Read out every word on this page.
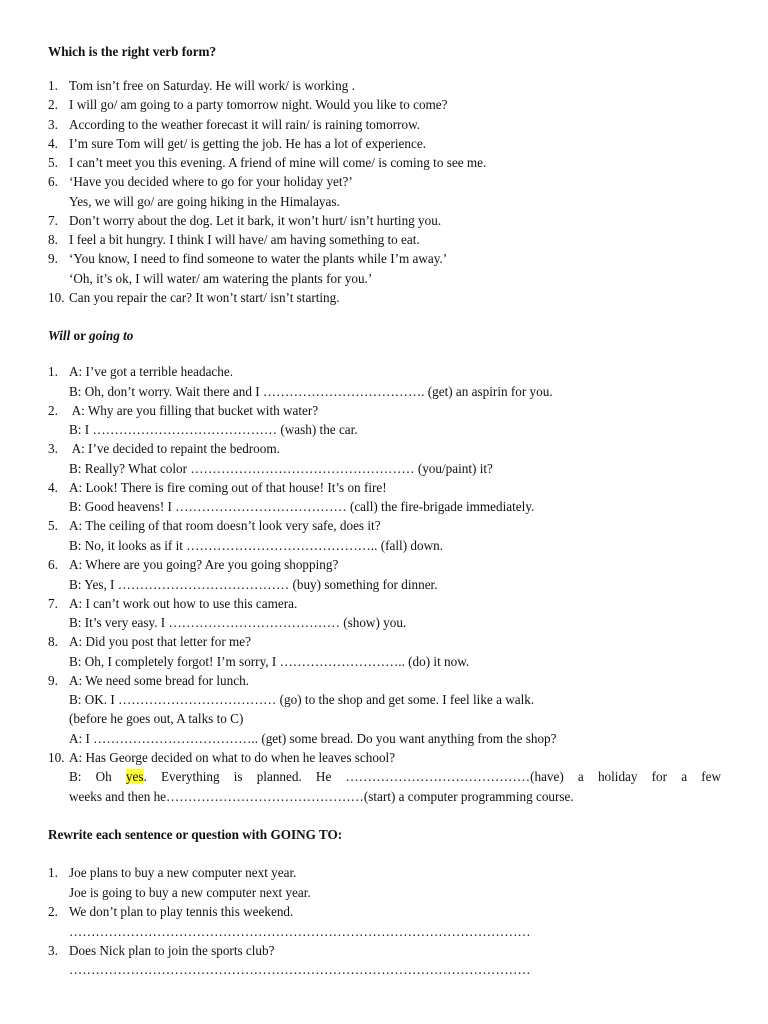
Which is the right verb form?
1. Tom isn’t free on Saturday. He will work/ is working .
2. I will go/ am going to a party tomorrow night. Would you like to come?
3. According to the weather forecast it will rain/ is raining tomorrow.
4. I’m sure Tom will get/ is getting the job. He has a lot of experience.
5. I can’t meet you this evening. A friend of mine will come/ is coming to see me.
6. ‘Have you decided where to go for your holiday yet?’
Yes, we will go/ are going hiking in the Himalayas.
7. Don’t worry about the dog. Let it bark, it won’t hurt/ isn’t hurting you.
8. I feel a bit hungry. I think I will have/ am having something to eat.
9. ‘You know, I need to find someone to water the plants while I’m away.’
‘Oh, it’s ok, I will water/ am watering the plants for you.’
10. Can you repair the car? It won’t start/ isn’t starting.
Will or going to
1. A: I’ve got a terrible headache.
B: Oh, don’t worry. Wait there and I ………………………………. (get) an aspirin for you.
2. A: Why are you filling that bucket with water?
B: I …………………………………… (wash) the car.
3. A: I’ve decided to repaint the bedroom.
B: Really? What color …………………………………………… (you/paint) it?
4. A: Look! There is fire coming out of that house! It’s on fire!
B: Good heavens! I ………………………………… (call) the fire-brigade immediately.
5. A: The ceiling of that room doesn’t look very safe, does it?
B: No, it looks as if it …………………………………….. (fall) down.
6. A: Where are you going? Are you going shopping?
B: Yes, I ………………………………… (buy) something for dinner.
7. A: I can’t work out how to use this camera.
B: It’s very easy. I ………………………………… (show) you.
8. A: Did you post that letter for me?
B: Oh, I completely forgot! I’m sorry, I ……………………….. (do) it now.
9. A: We need some bread for lunch.
B: OK. I ……………………………… (go) to the shop and get some. I feel like a walk.
(before he goes out, A talks to C)
A: I ……………………………….. (get) some bread. Do you want anything from the shop?
10. A: Has George decided on what to do when he leaves school?
B: Oh yes. Everything is planned. He ……………………………………(have) a holiday for a few
weeks and then he………………………………………(start) a computer programming course.
Rewrite each sentence or question with GOING TO:
1. Joe plans to buy a new computer next year.
Joe is going to buy a new computer next year.
2. We don’t plan to play tennis this weekend.
……………………………………………………………………………………………
3. Does Nick plan to join the sports club?
……………………………………………………………………………………………
